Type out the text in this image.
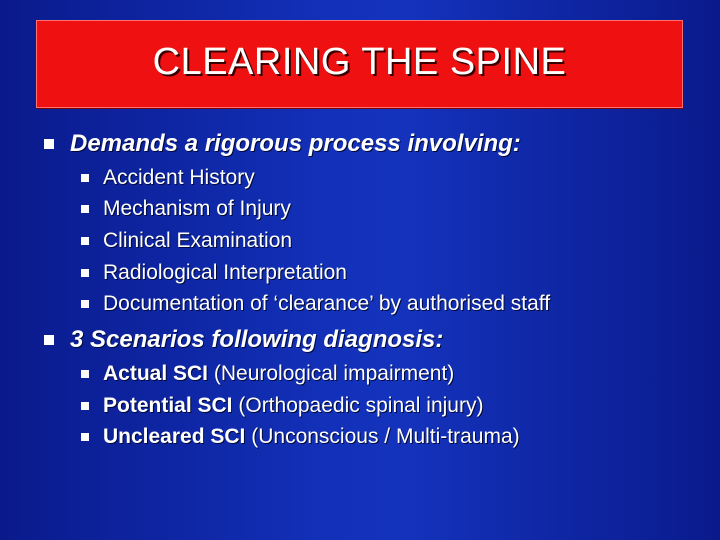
CLEARING THE SPINE
Demands a rigorous process involving:
Accident History
Mechanism of Injury
Clinical Examination
Radiological Interpretation
Documentation of ‘clearance’ by authorised staff
3 Scenarios following diagnosis:
Actual SCI (Neurological impairment)
Potential SCI (Orthopaedic spinal injury)
Uncleared SCI (Unconscious / Multi-trauma)
